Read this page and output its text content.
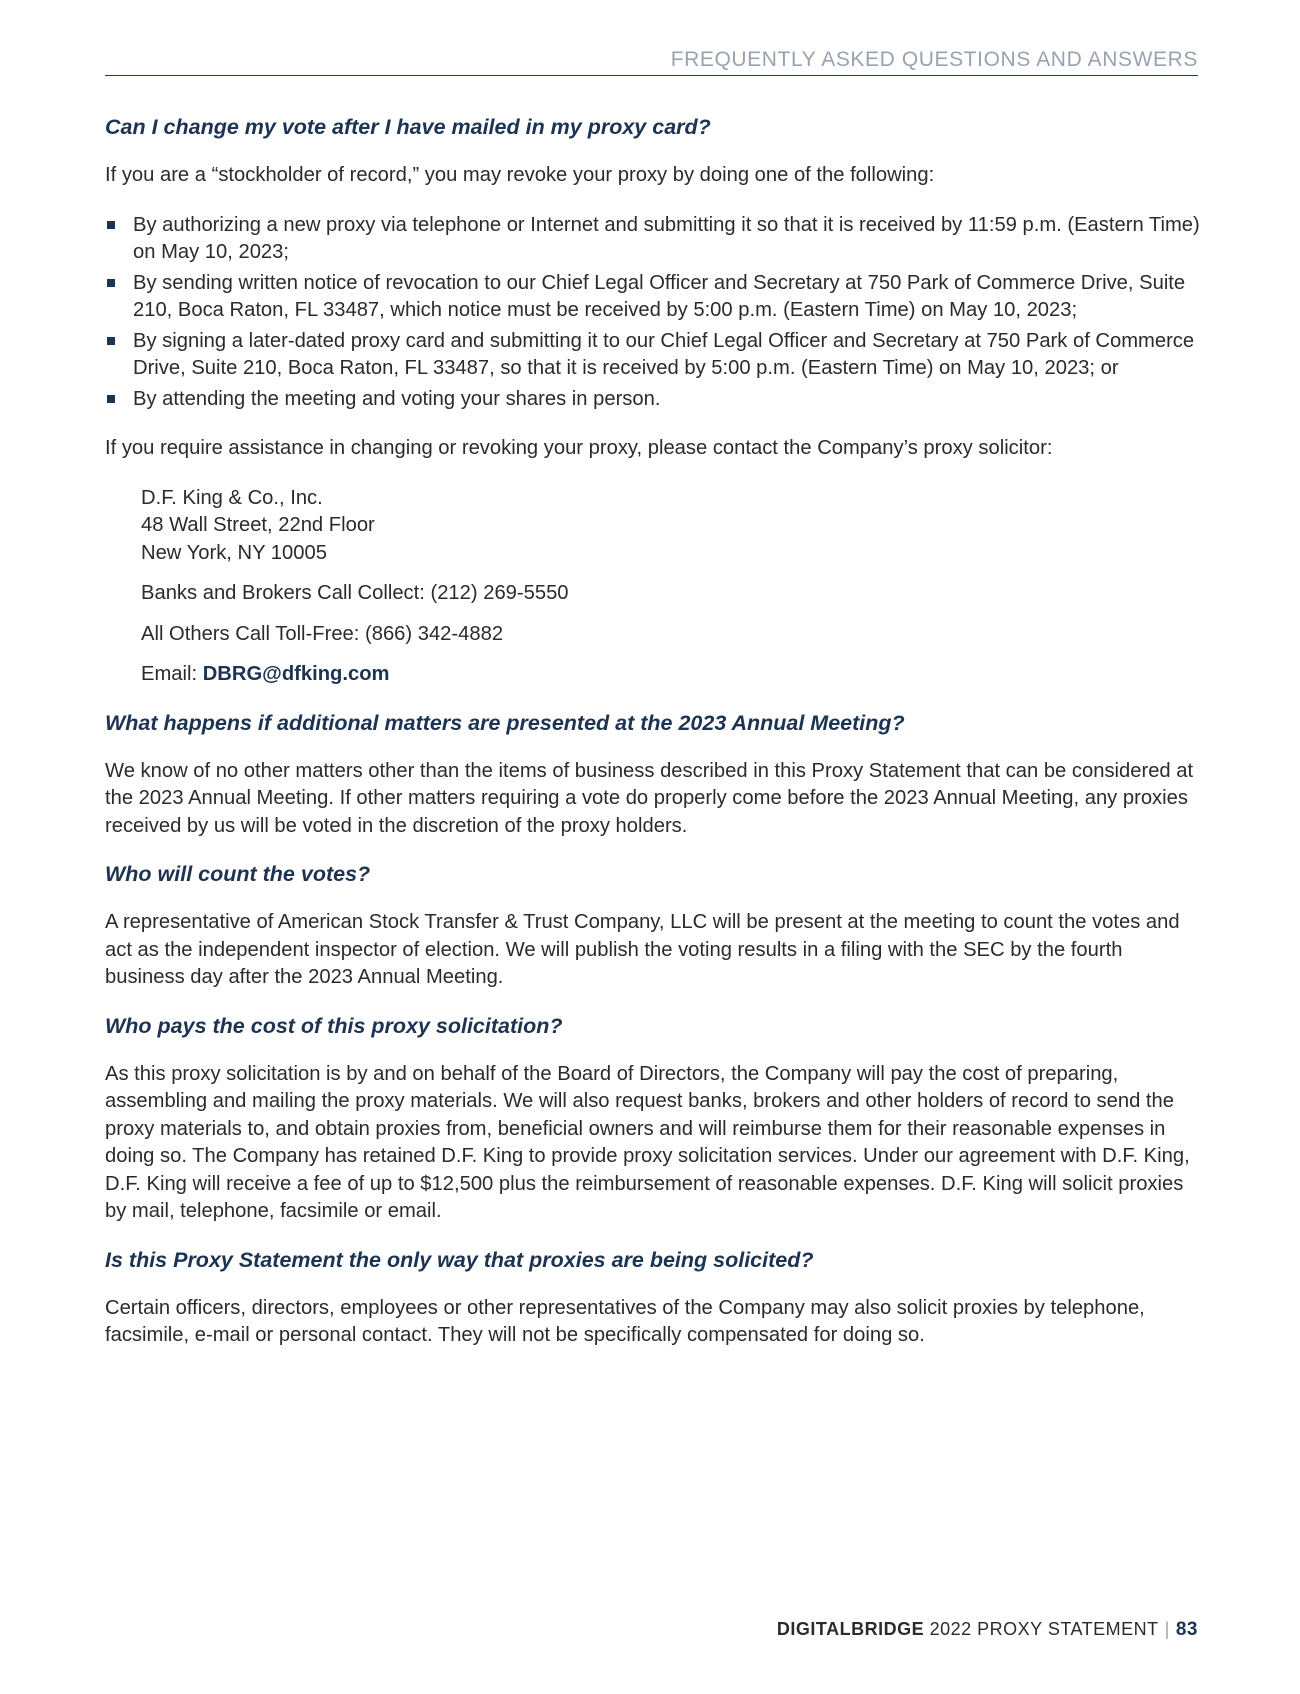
FREQUENTLY ASKED QUESTIONS AND ANSWERS
Can I change my vote after I have mailed in my proxy card?
If you are a “stockholder of record,” you may revoke your proxy by doing one of the following:
By authorizing a new proxy via telephone or Internet and submitting it so that it is received by 11:59 p.m. (Eastern Time) on May 10, 2023;
By sending written notice of revocation to our Chief Legal Officer and Secretary at 750 Park of Commerce Drive, Suite 210, Boca Raton, FL 33487, which notice must be received by 5:00 p.m. (Eastern Time) on May 10, 2023;
By signing a later-dated proxy card and submitting it to our Chief Legal Officer and Secretary at 750 Park of Commerce Drive, Suite 210, Boca Raton, FL 33487, so that it is received by 5:00 p.m. (Eastern Time) on May 10, 2023; or
By attending the meeting and voting your shares in person.
If you require assistance in changing or revoking your proxy, please contact the Company’s proxy solicitor:
D.F. King & Co., Inc.
48 Wall Street, 22nd Floor
New York, NY 10005
Banks and Brokers Call Collect: (212) 269-5550
All Others Call Toll-Free: (866) 342-4882
Email: DBRG@dfking.com
What happens if additional matters are presented at the 2023 Annual Meeting?
We know of no other matters other than the items of business described in this Proxy Statement that can be considered at the 2023 Annual Meeting. If other matters requiring a vote do properly come before the 2023 Annual Meeting, any proxies received by us will be voted in the discretion of the proxy holders.
Who will count the votes?
A representative of American Stock Transfer & Trust Company, LLC will be present at the meeting to count the votes and act as the independent inspector of election. We will publish the voting results in a filing with the SEC by the fourth business day after the 2023 Annual Meeting.
Who pays the cost of this proxy solicitation?
As this proxy solicitation is by and on behalf of the Board of Directors, the Company will pay the cost of preparing, assembling and mailing the proxy materials. We will also request banks, brokers and other holders of record to send the proxy materials to, and obtain proxies from, beneficial owners and will reimburse them for their reasonable expenses in doing so. The Company has retained D.F. King to provide proxy solicitation services. Under our agreement with D.F. King, D.F. King will receive a fee of up to $12,500 plus the reimbursement of reasonable expenses. D.F. King will solicit proxies by mail, telephone, facsimile or email.
Is this Proxy Statement the only way that proxies are being solicited?
Certain officers, directors, employees or other representatives of the Company may also solicit proxies by telephone, facsimile, e-mail or personal contact. They will not be specifically compensated for doing so.
DIGITALBRIDGE 2022 PROXY STATEMENT | 83
